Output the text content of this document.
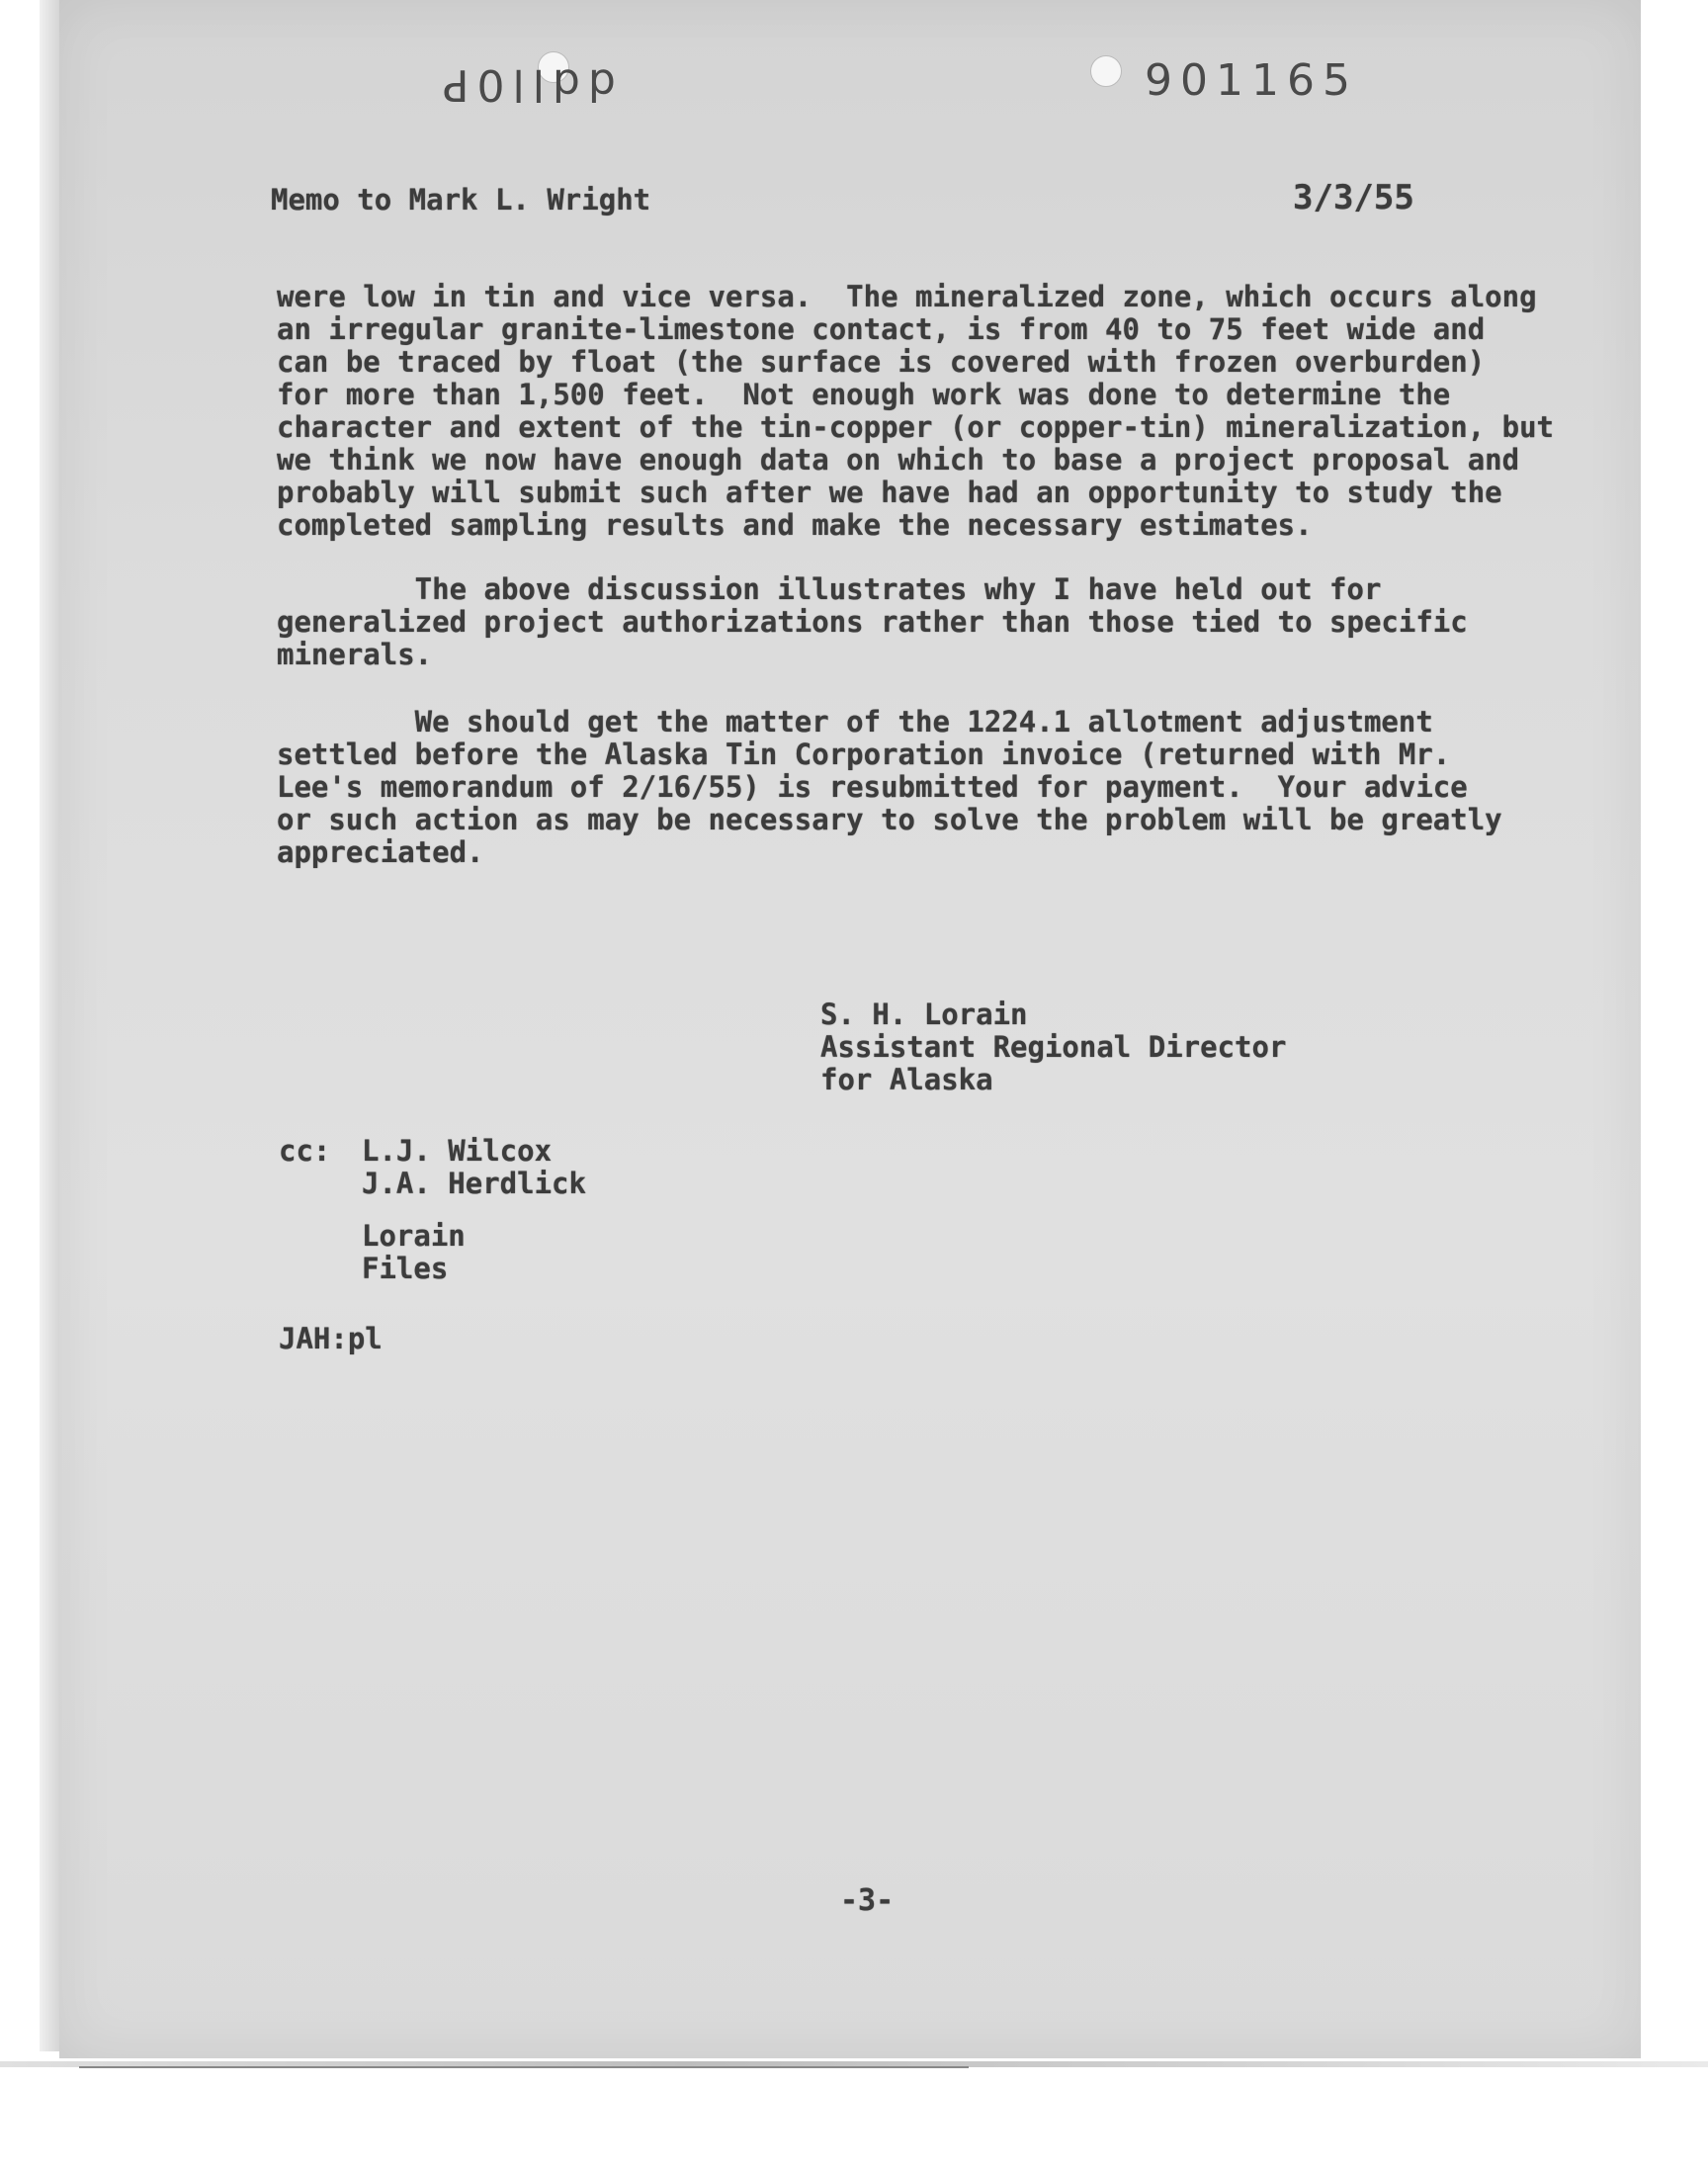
ddll0P	901165
Memo to Mark L. Wright	3/3/55
were low in tin and vice versa.  The mineralized zone, which occurs along
an irregular granite-limestone contact, is from 40 to 75 feet wide and
can be traced by float (the surface is covered with frozen overburden)
for more than 1,500 feet.  Not enough work was done to determine the
character and extent of the tin-copper (or copper-tin) mineralization, but
we think we now have enough data on which to base a project proposal and
probably will submit such after we have had an opportunity to study the
completed sampling results and make the necessary estimates.
The above discussion illustrates why I have held out for
generalized project authorizations rather than those tied to specific
minerals.
We should get the matter of the 1224.1 allotment adjustment
settled before the Alaska Tin Corporation invoice (returned with Mr.
Lee's memorandum of 2/16/55) is resubmitted for payment.  Your advice
or such action as may be necessary to solve the problem will be greatly
appreciated.
S. H. Lorain
Assistant Regional Director
for Alaska
cc: L.J. Wilcox
J.A. Herdlick
Lorain
Files
JAH:pl
-3-
